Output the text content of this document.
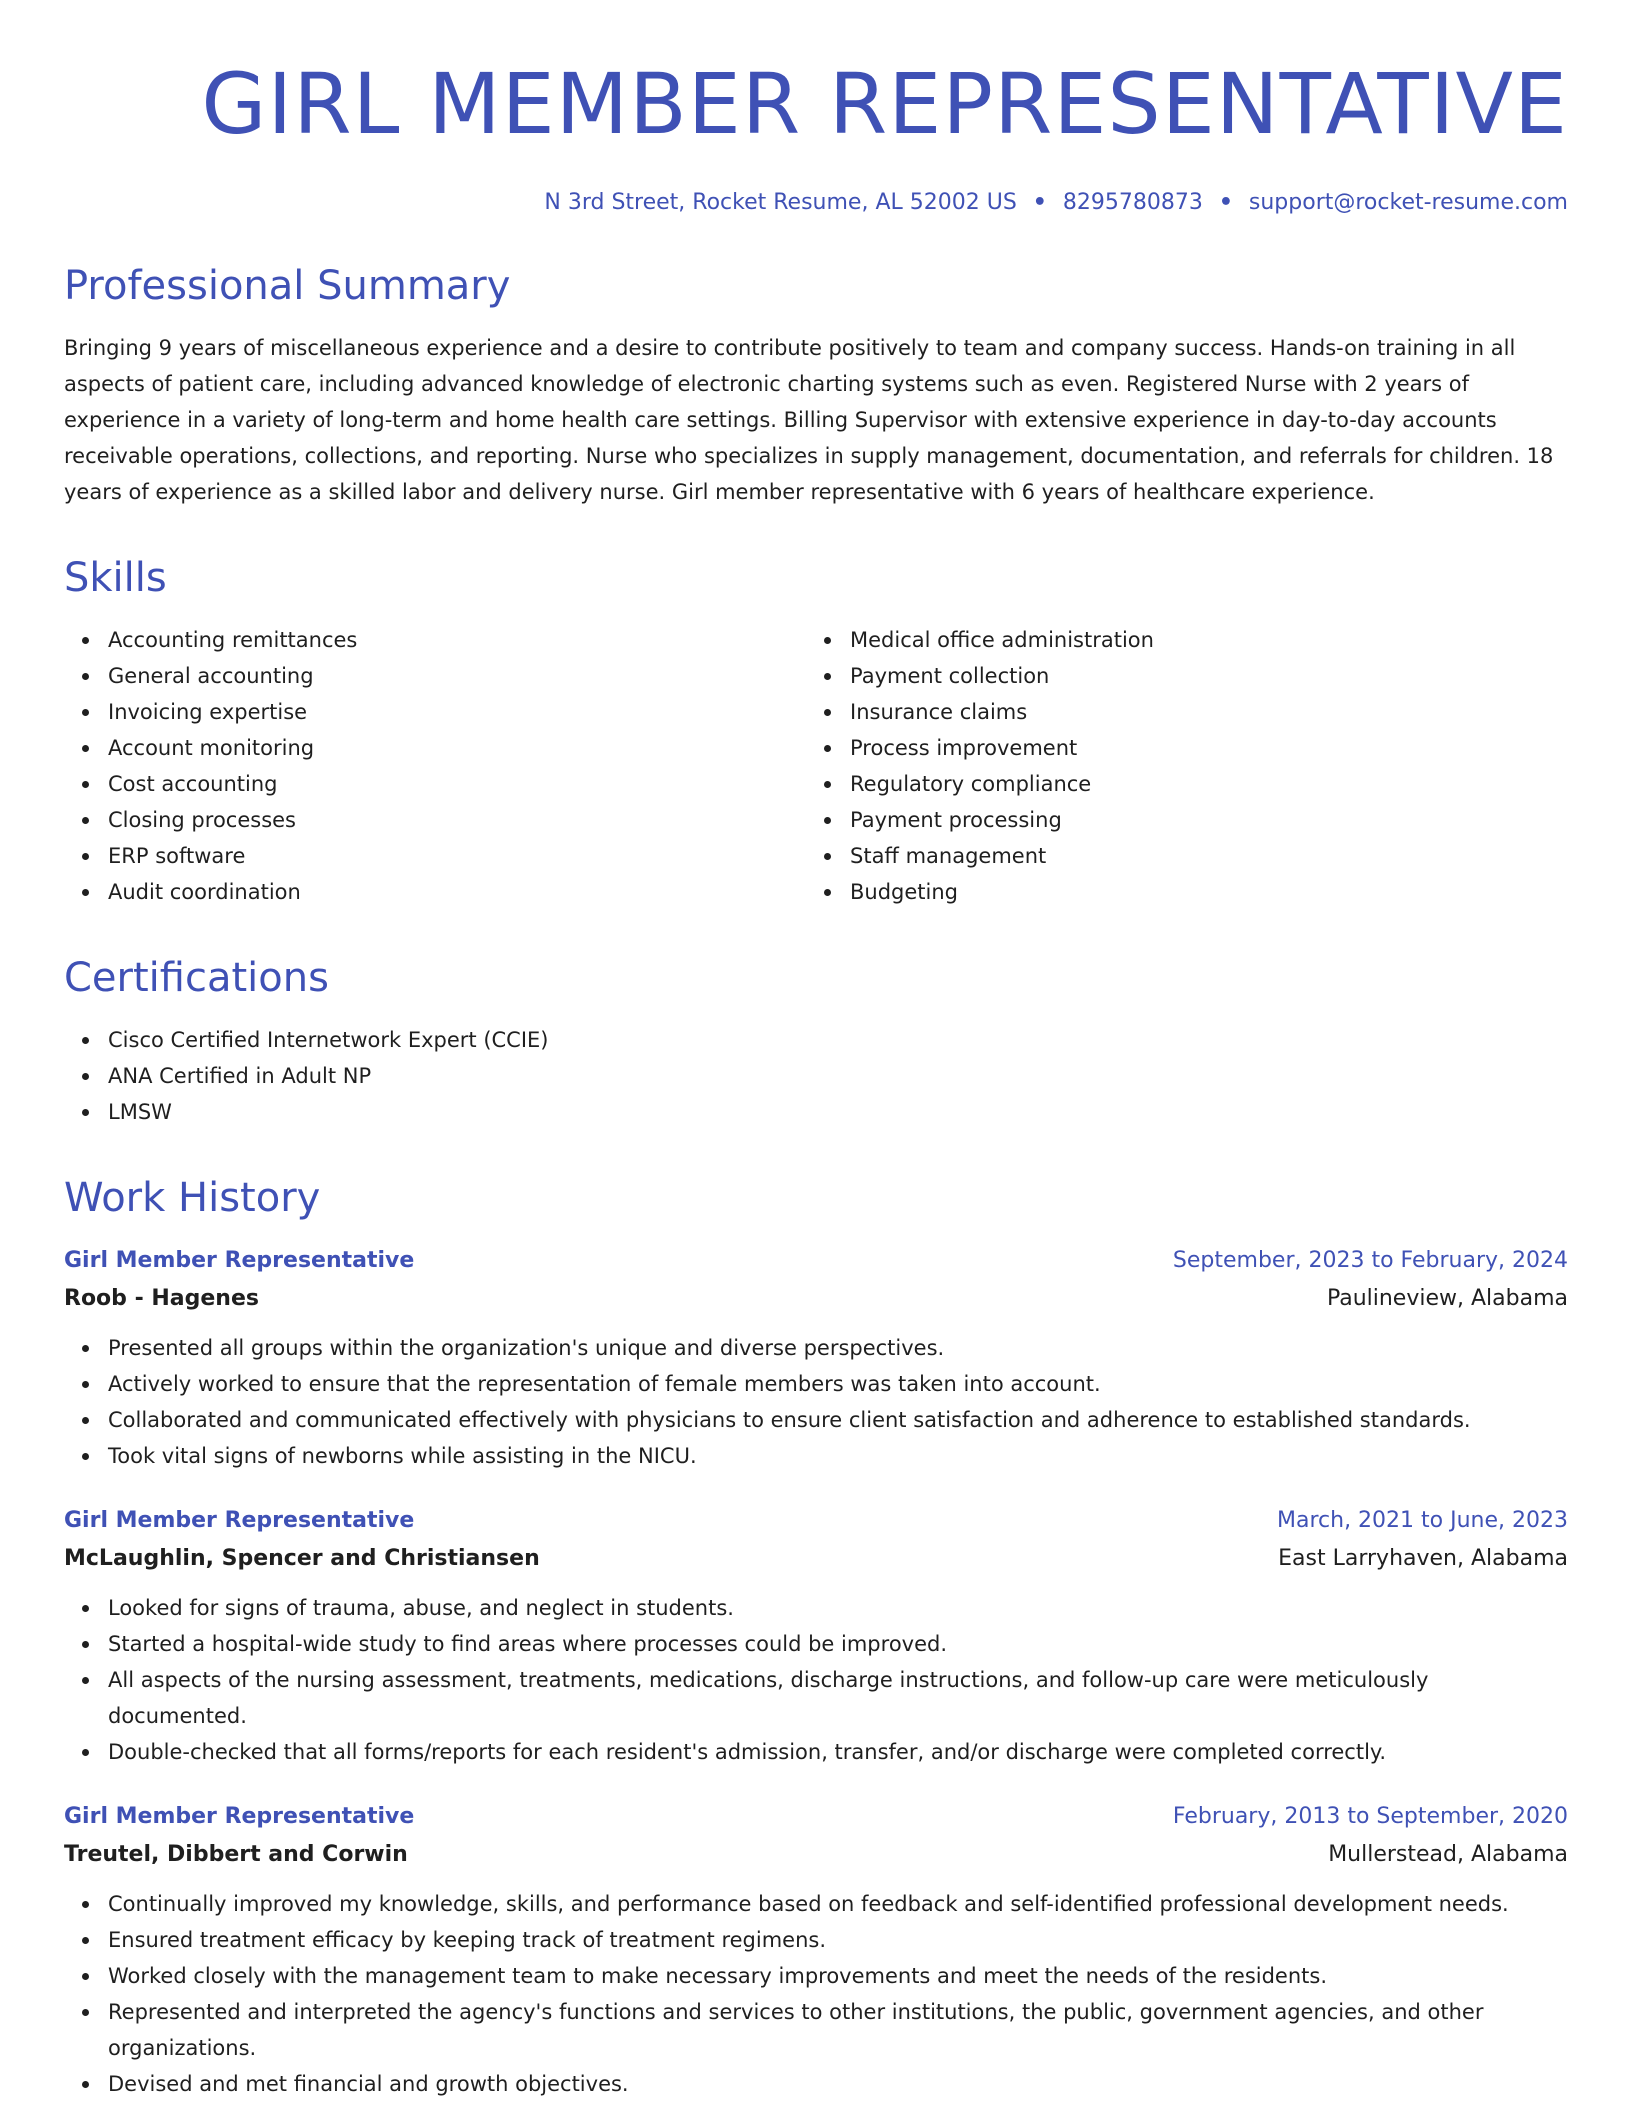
GIRL MEMBER REPRESENTATIVE
N 3rd Street, Rocket Resume, AL 52002 US • 8295780873 • support@rocket-resume.com
Professional Summary

Bringing 9 years of miscellaneous experience and a desire to contribute positively to team and company success. Hands-on training in all aspects of patient care, including advanced knowledge of electronic charting systems such as even. Registered Nurse with 2 years of experience in a variety of long-term and home health care settings. Billing Supervisor with extensive experience in day-to-day accounts receivable operations, collections, and reporting. Nurse who specializes in supply management, documentation, and referrals for children. 18 years of experience as a skilled labor and delivery nurse. Girl member representative with 6 years of healthcare experience.

Skills
Accounting remittances
General accounting
Invoicing expertise
Account monitoring
Cost accounting
Closing processes
ERP software
Audit coordination
Medical office administration
Payment collection
Insurance claims
Process improvement
Regulatory compliance
Payment processing
Staff management
Budgeting
Certifications
Cisco Certified Internetwork Expert (CCIE)
ANA Certified in Adult NP
LMSW
Work History
Girl Member Representative	September, 2023 to February, 2024
Roob - Hagenes	Paulineview, Alabama
Presented all groups within the organization's unique and diverse perspectives.
Actively worked to ensure that the representation of female members was taken into account.
Collaborated and communicated effectively with physicians to ensure client satisfaction and adherence to established standards.
Took vital signs of newborns while assisting in the NICU.
Girl Member Representative	March, 2021 to June, 2023
McLaughlin, Spencer and Christiansen	East Larryhaven, Alabama
Looked for signs of trauma, abuse, and neglect in students.
Started a hospital-wide study to find areas where processes could be improved.
All aspects of the nursing assessment, treatments, medications, discharge instructions, and follow-up care were meticulously documented.
Double-checked that all forms/reports for each resident's admission, transfer, and/or discharge were completed correctly.
Girl Member Representative	February, 2013 to September, 2020
Treutel, Dibbert and Corwin	Mullerstead, Alabama
Continually improved my knowledge, skills, and performance based on feedback and self-identified professional development needs.
Ensured treatment efficacy by keeping track of treatment regimens.
Worked closely with the management team to make necessary improvements and meet the needs of the residents.
Represented and interpreted the agency's functions and services to other institutions, the public, government agencies, and other organizations.
Devised and met financial and growth objectives.
